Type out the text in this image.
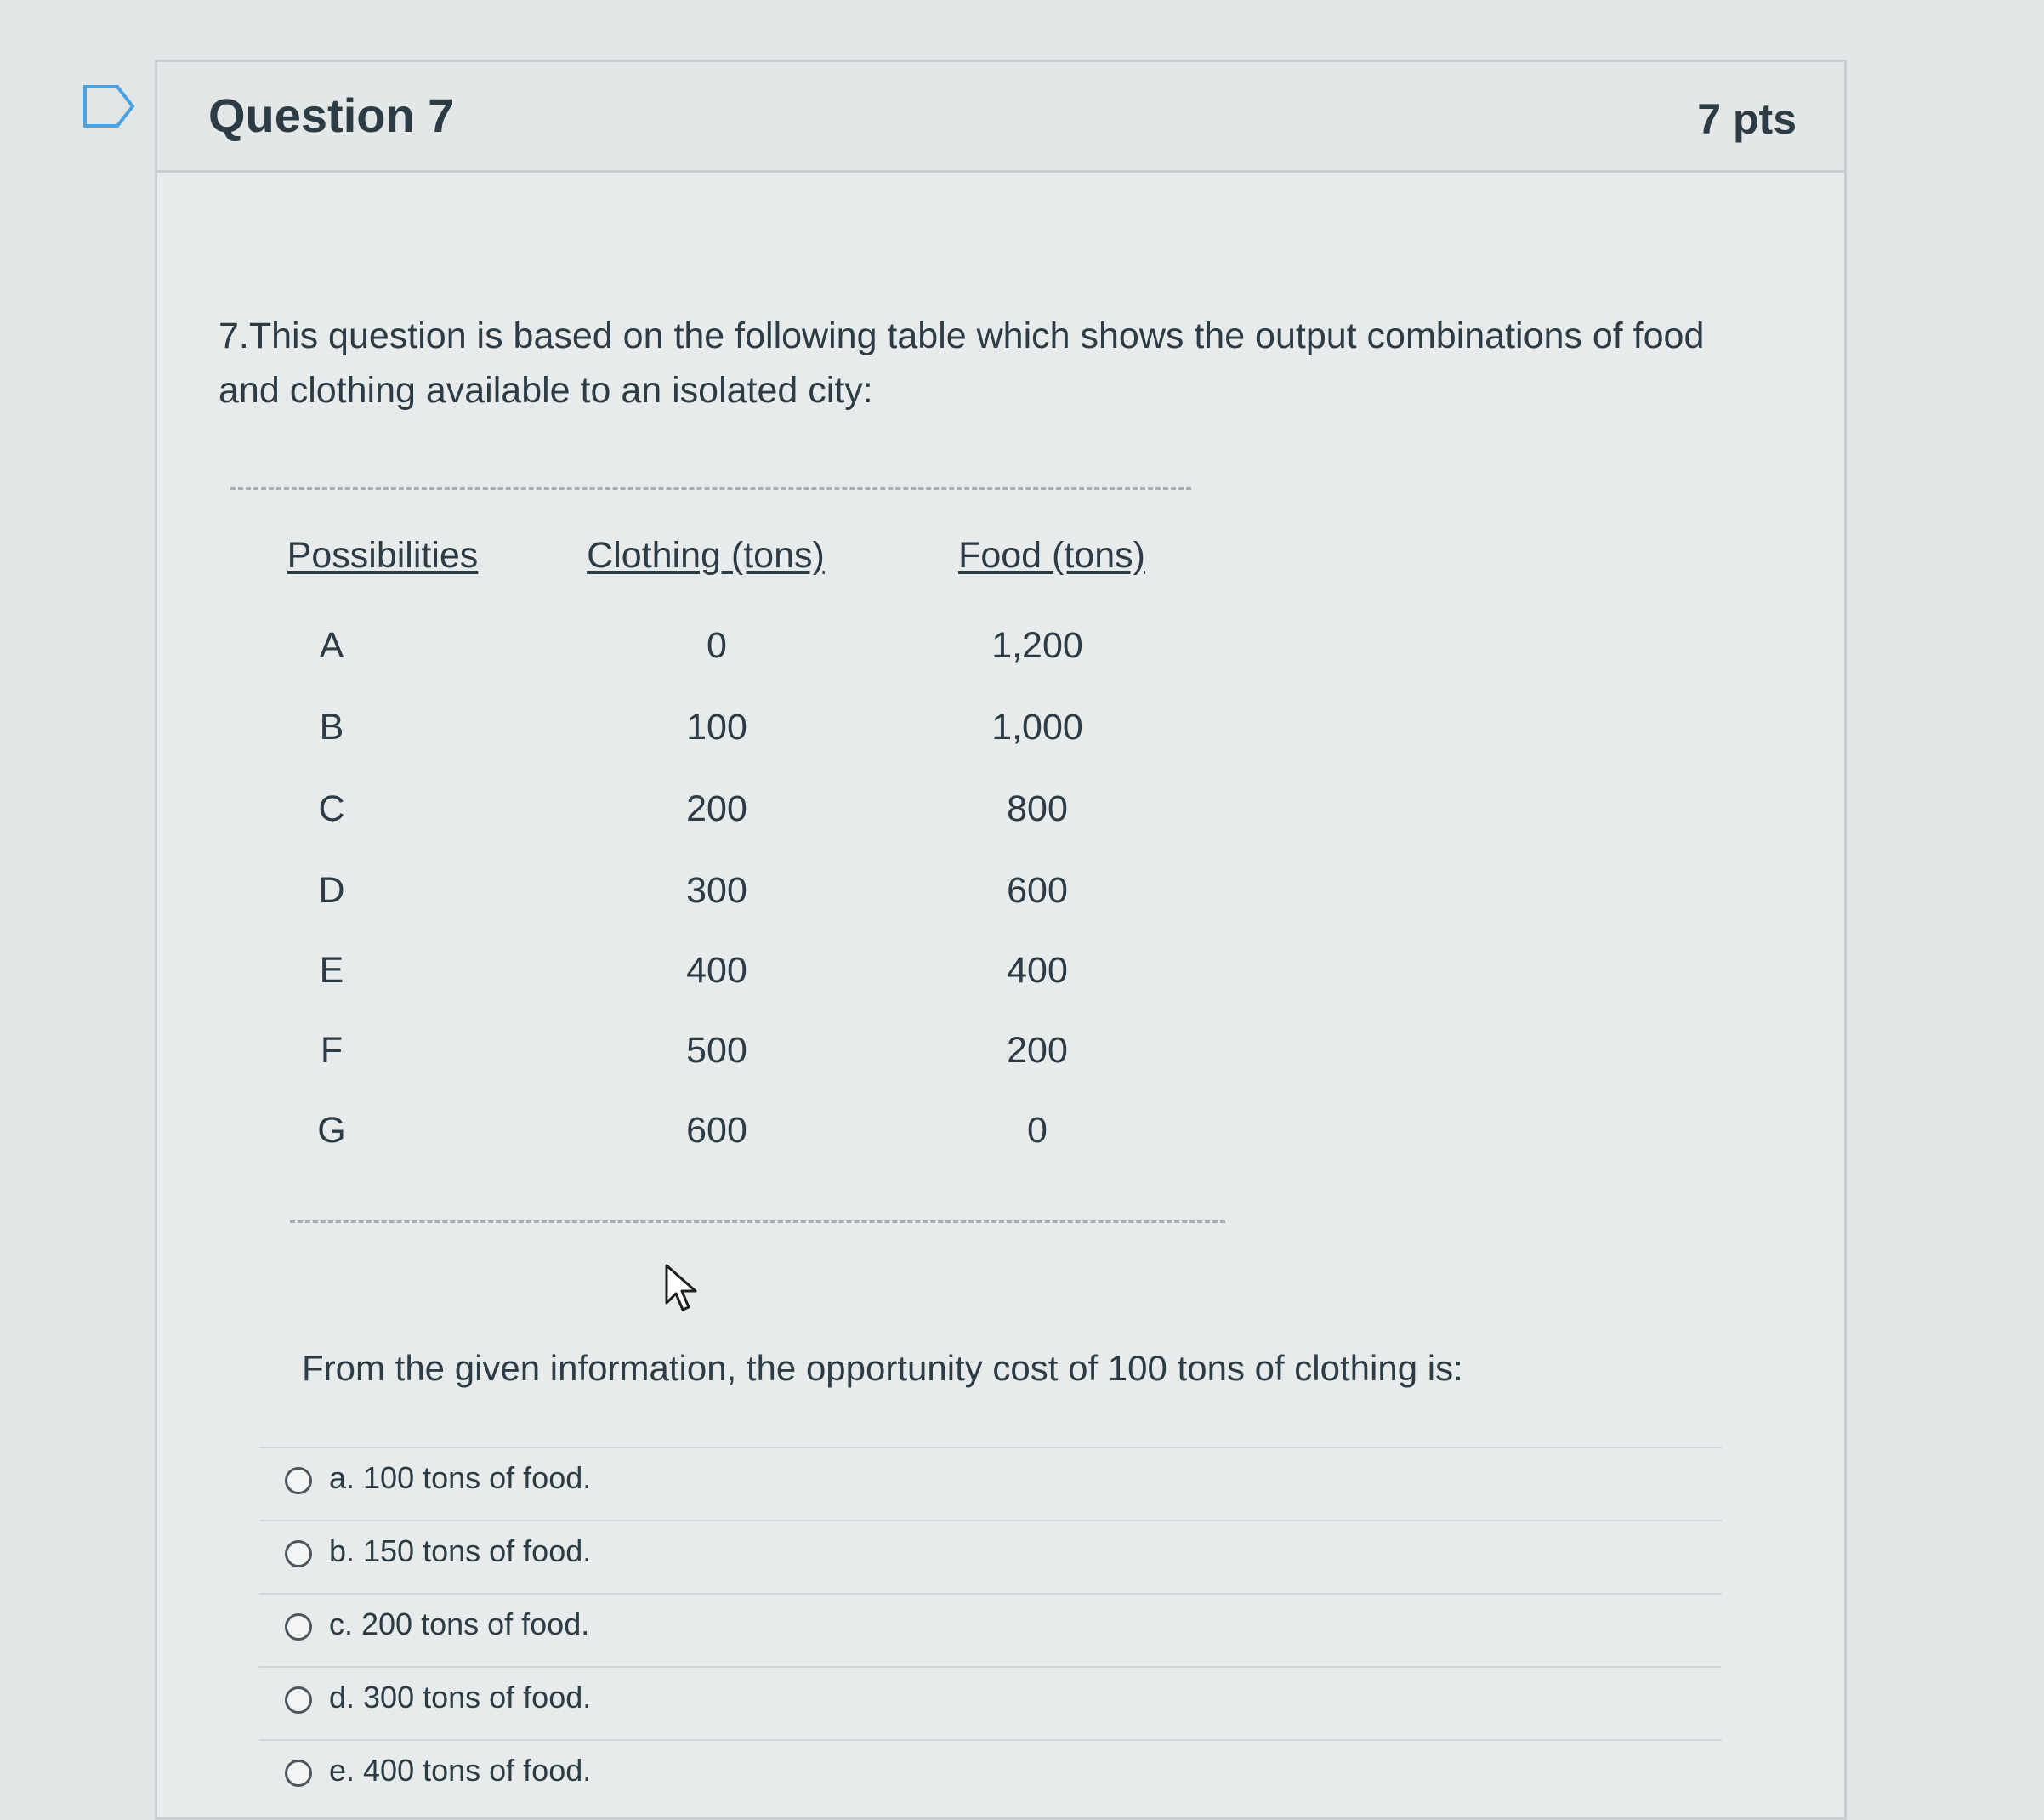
Question 7	7 pts
7.This question is based on the following table which shows the output combinations of food and clothing available to an isolated city:
Possibilities	Clothing (tons)	Food (tons)
A	0	1,200
B	100	1,000
C	200	800
D	300	600
E	400	400
F	500	200
G	600	0
From the given information, the opportunity cost of 100 tons of clothing is:
a. 100 tons of food.
b. 150 tons of food.
c. 200 tons of food.
d. 300 tons of food.
e. 400 tons of food.
